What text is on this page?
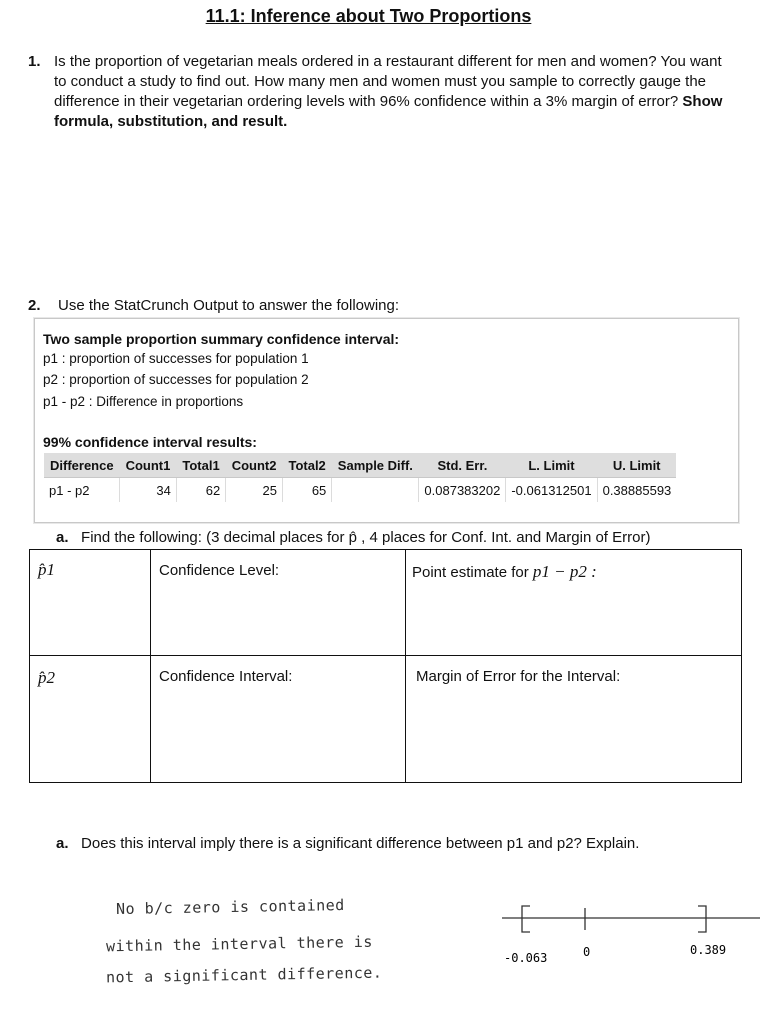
11.1: Inference about Two Proportions
1. Is the proportion of vegetarian meals ordered in a restaurant different for men and women? You want to conduct a study to find out. How many men and women must you sample to correctly gauge the difference in their vegetarian ordering levels with 96% confidence within a 3% margin of error? Show formula, substitution, and result.
2. Use the StatCrunch Output to answer the following:
Two sample proportion summary confidence interval:
p1 : proportion of successes for population 1
p2 : proportion of successes for population 2
p1 - p2 : Difference in proportions
99% confidence interval results:
Difference	Count1	Total1	Count2	Total2	Sample Diff.	Std. Err.	L. Limit	U. Limit
p1 - p2	34	62	25	65		0.087383202	-0.061312501	0.38885593
a. Find the following: (3 decimal places for p̂ , 4 places for Conf. Int. and Margin of Error)
p̂1	Confidence Level:	Point estimate for p1 − p2 :
p̂2	Confidence Interval:	Margin of Error for the Interval:
a. Does this interval imply there is a significant difference between p1 and p2? Explain.
No b/c zero is contained
within the interval there is
not a significant difference.
-0.063	0	0.389
